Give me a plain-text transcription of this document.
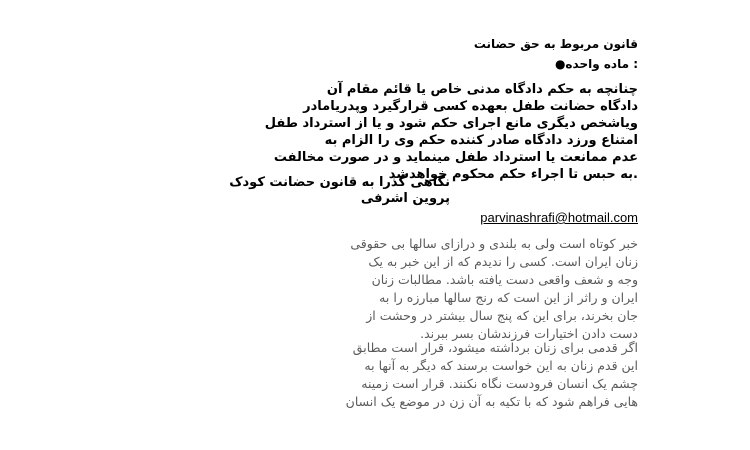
قانون مربوط به حق حضانت
: ماده واحده●
چنانچه به حکم دادگاه مدنی خاص یا قائم مقام آن
دادگاه حضانت طفل بعهده کسی قرارگیرد وپدریامادر
ویاشخص دیگری مانع اجرای حکم شود و یا از استرداد طفل
امتناع ورزد دادگاه صادر کننده حکم وی را الزام به
عدم ممانعت یا استرداد طفل مینماید و در صورت مخالفت
.به حبس تا اجراء حکم محکوم خواهدشد
نگاهی گذرا به قانون حضانت کودک
پروین اشرفی
parvinashrafi@hotmail.com
خبر کوتاه است ولی به بلندی و درازای سالها بی حقوقی
زنان ایران است. کسی را ندیدم که از این خبر به یک
وجه و شعف واقعی دست یافته باشد. مطالبات زنان
ایران و راثر از این است که رنج سالها مبارزه را به
جان بخرند، برای این که پنج سال بیشتر در وحشت از
دست دادن اختیارات فرزندشان بسر ببرند.
اگر قدمی برای زنان برداشته میشود، قرار است مطابق
این قدم زنان به این خواست برسند که دیگر به آنها به
چشم یک انسان فرودست نگاه نکنند. قرار است زمینه
هایی فراهم شود که با تکیه به آن زن در موضع یک انسان
